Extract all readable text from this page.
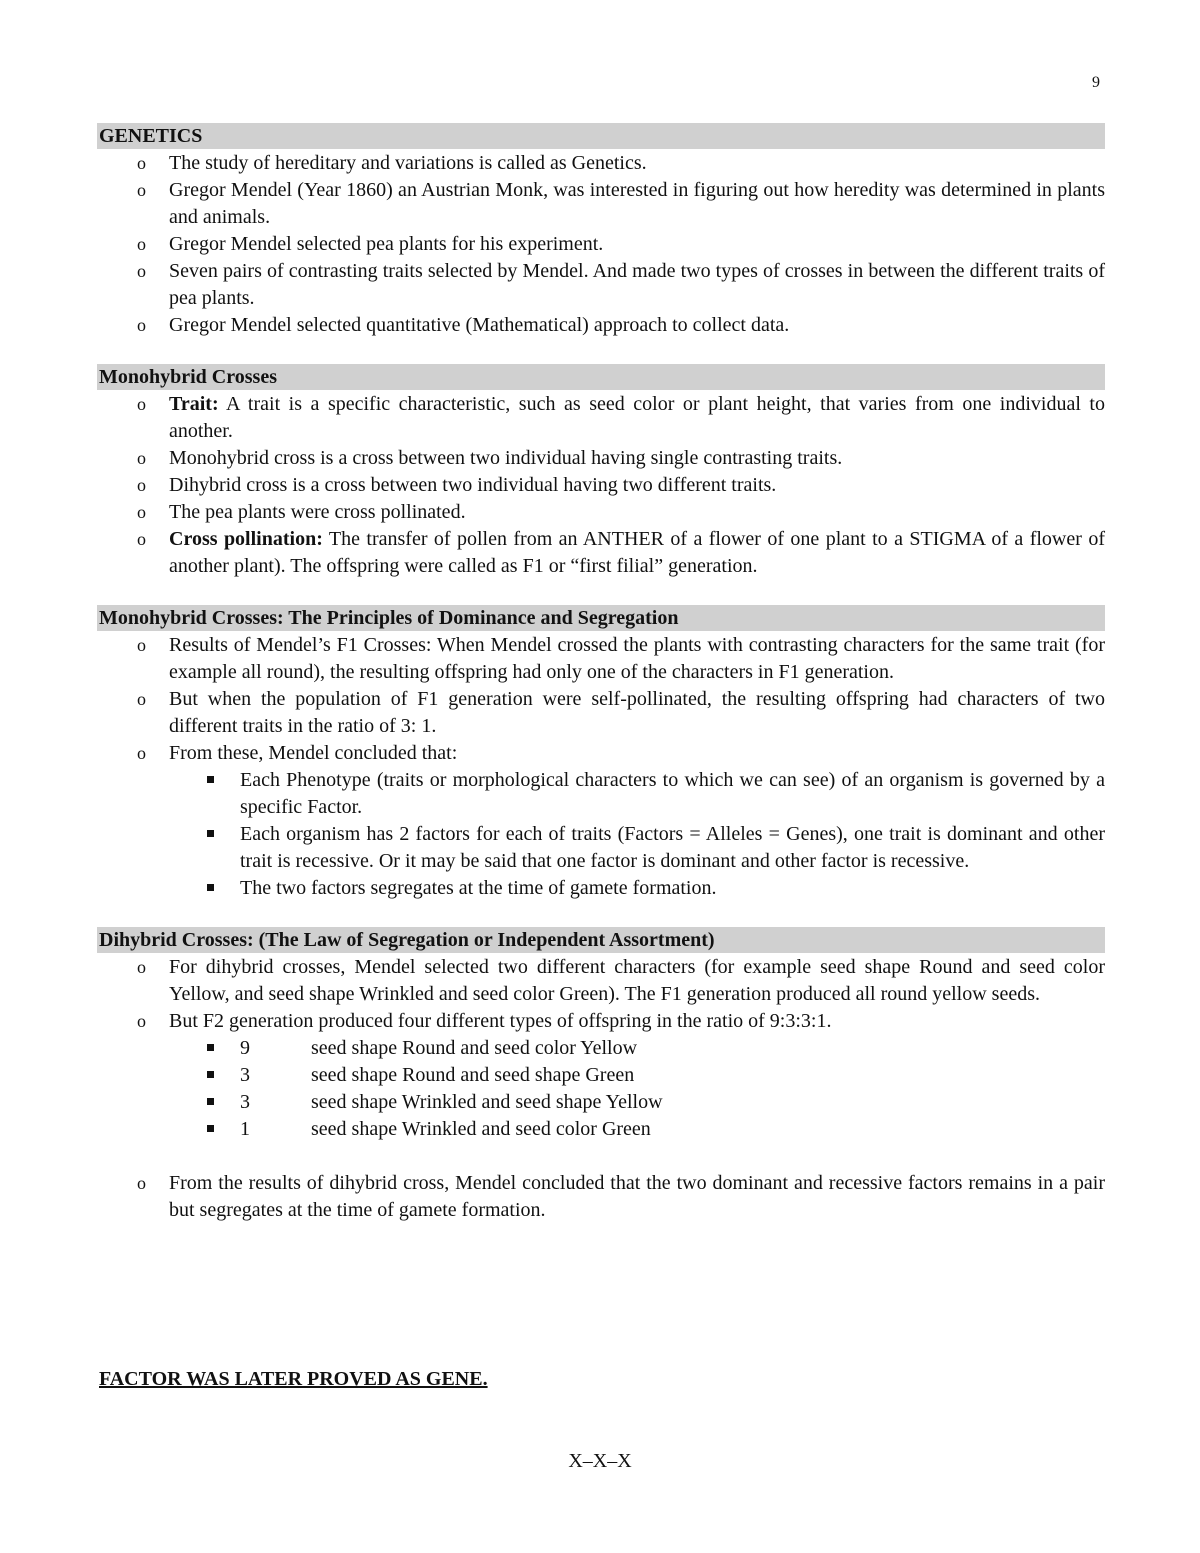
9
GENETICS
o The study of hereditary and variations is called as Genetics.
o Gregor Mendel (Year 1860) an Austrian Monk, was interested in figuring out how heredity was determined in plants and animals.
o Gregor Mendel selected pea plants for his experiment.
o Seven pairs of contrasting traits selected by Mendel. And made two types of crosses in between the different traits of pea plants.
o Gregor Mendel selected quantitative (Mathematical) approach to collect data.
Monohybrid Crosses
o Trait: A trait is a specific characteristic, such as seed color or plant height, that varies from one individual to another.
o Monohybrid cross is a cross between two individual having single contrasting traits.
o Dihybrid cross is a cross between two individual having two different traits.
o The pea plants were cross pollinated.
o Cross pollination: The transfer of pollen from an ANTHER of a flower of one plant to a STIGMA of a flower of another plant). The offspring were called as F1 or “first filial” generation.
Monohybrid Crosses: The Principles of Dominance and Segregation
o Results of Mendel’s F1 Crosses: When Mendel crossed the plants with contrasting characters for the same trait (for example all round), the resulting offspring had only one of the characters in F1 generation.
o But when the population of F1 generation were self-pollinated, the resulting offspring had characters of two different traits in the ratio of 3: 1.
o From these, Mendel concluded that:
Each Phenotype (traits or morphological characters to which we can see) of an organism is governed by a specific Factor.
Each organism has 2 factors for each of traits (Factors = Alleles = Genes), one trait is dominant and other trait is recessive. Or it may be said that one factor is dominant and other factor is recessive.
The two factors segregates at the time of gamete formation.
Dihybrid Crosses: (The Law of Segregation or Independent Assortment)
o For dihybrid crosses, Mendel selected two different characters (for example seed shape Round and seed color Yellow, and seed shape Wrinkled and seed color Green). The F1 generation produced all round yellow seeds.
o But F2 generation produced four different types of offspring in the ratio of 9:3:3:1.
9	seed shape Round and seed color Yellow
3	seed shape Round and seed shape Green
3	seed shape Wrinkled and seed shape Yellow
1	seed shape Wrinkled and seed color Green
o From the results of dihybrid cross, Mendel concluded that the two dominant and recessive factors remains in a pair but segregates at the time of gamete formation.
FACTOR WAS LATER PROVED AS GENE.
X–X–X
